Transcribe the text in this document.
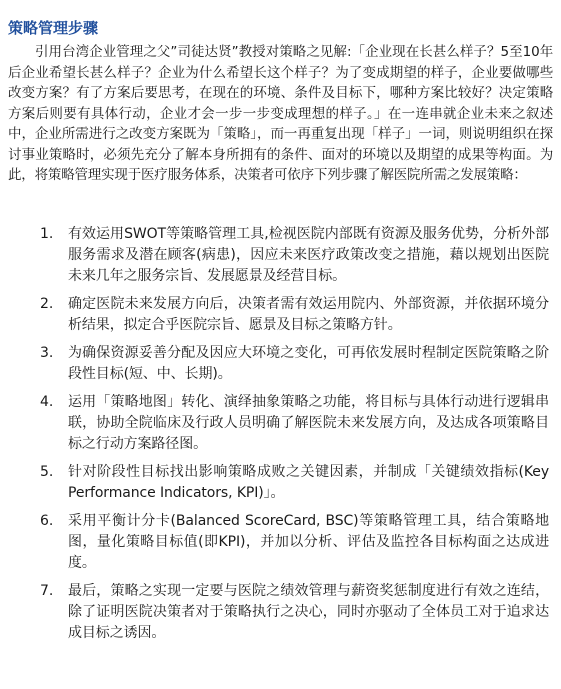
策略管理步骤

引用台湾企业管理之父”司徒达贤”教授对策略之见解:「企业现在长甚么样子？5至10年后企业希望长甚么样子？企业为什么希望长这个样子？为了变成期望的样子，企业要做哪些改变方案？有了方案后要思考，在现在的环境、条件及目标下，哪种方案比较好？决定策略方案后则要有具体行动，企业才会一步一步变成理想的样子。」在一连串就企业未来之叙述中，企业所需进行之改变方案既为「策略」，而一再重复出现「样子」一词，则说明组织在探讨事业策略时，必须先充分了解本身所拥有的条件、面对的环境以及期望的成果等构面。为此，将策略管理实现于医疗服务体系，决策者可依序下列步骤了解医院所需之发展策略：

1.	有效运用SWOT等策略管理工具,检视医院内部既有资源及服务优势，分析外部服务需求及潜在顾客(病患)，因应未来医疗政策改变之措施，藉以规划出医院未来几年之服务宗旨、发展愿景及经营目标。
2.	确定医院未来发展方向后，决策者需有效运用院内、外部资源，并依据环境分析结果，拟定合乎医院宗旨、愿景及目标之策略方针。
3.	为确保资源妥善分配及因应大环境之变化，可再依发展时程制定医院策略之阶段性目标(短、中、长期)。
4.	运用「策略地图」转化、演绎抽象策略之功能，将目标与具体行动进行逻辑串联，协助全院临床及行政人员明确了解医院未来发展方向，及达成各项策略目标之行动方案路径图。
5.	针对阶段性目标找出影响策略成败之关键因素，并制成「关键绩效指标(Key Performance Indicators, KPI)」。
6.	采用平衡计分卡(Balanced ScoreCard, BSC)等策略管理工具，结合策略地图，量化策略目标值(即KPI)，并加以分析、评估及监控各目标构面之达成进度。
7.	最后，策略之实现一定要与医院之绩效管理与薪资奖惩制度进行有效之连结，除了证明医院决策者对于策略执行之决心，同时亦驱动了全体员工对于追求达成目标之诱因。
